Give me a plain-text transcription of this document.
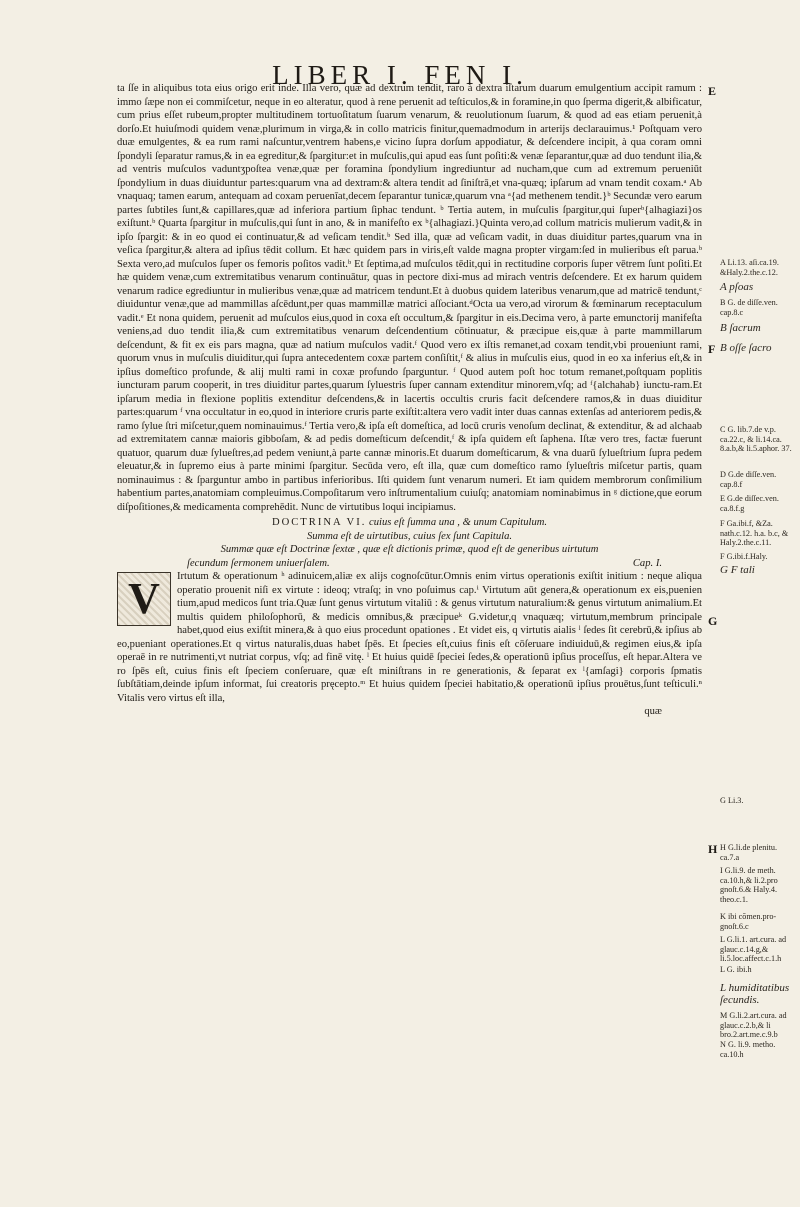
LIBER I. FEN I.

ta ſſe in aliquibus tota eius origo erit inde. Illa vero, quæ ad dextrum tendit, raro à dextra iſtarum duarum emulgentium accipit ramum : immo ſæpe non ei commiſcetur, neque in eo alteratur, quod à rene peruenit ad teſticulos,& in foramine,in quo ſperma digerit,& albificatur, cum prius eſſet rubeum,propter multitudinem tortuoſitatum ſuarum venarum, & reuolutionum ſuarum, & quod ad eas etiam peruenit,à dorſo.Et huiuſmodi quidem venæ,plurimum in virga,& in collo matricis finitur,quemadmodum in arterijs declarauimus.¹ Poſtquam vero duæ emulgentes, & ea rum rami naſcuntur,ventrem habens,e vicino ſupra dorſum appodiatur, & deſcendere incipit, à qua coram omni ſpondyli ſeparatur ramus,& in ea egreditur,& ſpargitur:et in muſculis,qui apud eas ſunt poſiti:& venæ ſeparantur,quæ ad duo tendunt ilia,& ad ventris muſculos vaduntʒpoſtea venæ,quæ per foramina ſpondylium ingrediuntur ad nucham,que cum ad extremum perueniūt ſpondylium in duas diuiduntur partes:quarum vna ad dextram:& altera tendit ad ſiniſtrā,et vna-quæq; ipſarum ad vnam tendit coxam.ᵃ Ab vnaquaq; tamen earum, antequam ad coxam peruenīat,decem ſeparantur tunicæ,quarum vna ᵃ{ad methenem tendit.}ᵇ Secundæ vero earum partes ſubtiles ſunt,& capillares,quæ ad inferiora partium ſiphac tendunt. ᵇ Tertia autem, in muſculis ſpargitur,qui ſuperᵇ{alhagiazi}os exiſtunt.ᵇ Quarta ſpargitur in muſculis,qui ſunt in ano, & in manifeſto ex ᵇ{alhagiazi.}Quinta vero,ad collum matricis mulierum vadit,& in ipſo ſpargit: & in eo quod ei continuatur,& ad veſicam tendit.ᵇ Sed illa, quæ ad veſicam vadit, in duas diuiditur partes,quarum vna in veſica ſpargitur,& altera ad ipſius tēdit collum. Et hæc quidem pars in viris,eſt valde magna propter virgam:ſed in mulieribus eſt parua.ᵇ Sexta vero,ad muſculos ſuper os femoris poſitos vadit.ᵇ Et ſeptima,ad muſculos tēdit,qui in rectitudine corporis ſuper vētrem ſunt poſiti.Et hæ quidem venæ,cum extremitatibus venarum continuātur, quas in pectore dixi-mus ad mirach ventris deſcendere. Et ex harum quidem venarum radice egrediuntur in mulieribus venæ,quæ ad matricem tendunt.Et à duobus quidem lateribus venarum,que ad matricē tendunt,ᶜ diuiduntur venæ,que ad mammillas aſcēdunt,per quas mammillæ matrici aſſociant.ᵈOcta ua vero,ad virorum & fœminarum receptaculum vadit.ᵉ Et nona quidem, peruenit ad muſculos eius,quod in coxa eſt occultum,& ſpargitur in eis.Decima vero, à parte emunctorij manifeſta veniens,ad duo tendit ilia,& cum extremitatibus venarum deſcendentium cōtinuatur, & præcipue eis,quæ à parte mammillarum deſcendunt, & fit ex eis pars magna, quæ ad natium muſculos vadit.ᶠ Quod vero ex iſtis remanet,ad coxam tendit,vbi proueniunt rami, quorum vnus in muſculis diuiditur,qui ſupra antecedentem coxæ partem conſiſtit,ᶠ & alius in muſculis eius, quod in eo xa inferius eſt,& in ipſius domeſtico profunde, & alij multi rami in coxæ profundo ſparguntur. ᶠ Quod autem poſt hoc totum remanet,poſtquam poplitis iuncturam parum cooperit, in tres diuiditur partes,quarum ſyluestris ſuper cannam extenditur minorem,vſq; ad ᶠ{alchahab} iunctu-ram.Et ipſarum media in flexione poplitis extenditur deſcendens,& in lacertis occultis cruris facit deſcendere ramos,& in duas diuiditur partes:quarum ᶠ vna occultatur in eo,quod in interiore cruris parte exiſtit:altera vero vadit inter duas cannas extenſas ad anteriorem pedis,& ramo ſylue ſtri miſcetur,quem nominauimus.ᶠ Tertia vero,& ipſa eſt domeſtica, ad locū cruris venoſum declinat, & extenditur, & ad alchaab ad extremitatem cannæ maioris gibboſam, & ad pedis domeſticum deſcendit,ᶠ & ipſa quidem eſt ſaphena. Iſtæ vero tres, factæ fuerunt quatuor, quarum duæ ſylueſtres,ad pedem veniunt,à parte cannæ minoris.Et duarum domeſticarum, & vna duarū ſylueſtrium ſupra pedem eleuatur,& in ſupremo eius à parte minimi ſpargitur. Secūda vero, eſt illa, quæ cum domeſtico ramo ſylueſtris miſcetur partis, quam nominauimus : & ſparguntur ambo in partibus inferioribus. Iſti quidem ſunt venarum numeri. Et iam quidem membrorum conſimilium habentium partes,anatomiam compleuimus.Compoſitarum vero inſtrumentalium cuiuſq; anatomiam nominabimus in ᵍ dictione,que eorum diſpoſitiones,& medicamenta comprehēdit. Nunc de virtutibus loqui incipiamus.

DOCTRINA VI. cuius eſt ſumma una , & unum Capitulum.
Summa eſt de uirtutibus, cuius ſex ſunt Capitula.
Summæ quæ eſt Doctrinæ ſextæ , quæ eſt dictionis primæ, quod eſt de generibus uirtutum
ſecundum ſermonem uniuerſalem.	Cap. I.

V	Irtutum & operationum ʰ adinuicem,aliæ ex alijs cognoſcūtur.Omnis enim virtus operationis exiſtit initium : neque aliqua operatio prouenit niſi ex virtute : ideoq; vtraſq; in vno poſuimus cap.ⁱ Virtutum aūt genera,& operationum ex eis,puenien tium,apud medicos ſunt tria.Quæ ſunt genus virtutum vitaliū : & genus virtutum naturalium:& genus virtutum animalium.Et multis quidem philoſophorū, & medicis omnibus,& præcipueᵏ G.videtur,q vnaquæq; virtutum,membrum principale habet,quod eius exiſtit minera,& à quo eius procedunt opationes . Et videt eis, q virtutis aialis ˡ ſedes ſit cerebrū,& ipſius ab eo,pueniant operationes.Et q virtus naturalis,duas habet ſpēs. Et ſpecies eſt,cuius finis eſt cōſeruare indiuiduū,& regimen eius,& ipſa operaē in re nutrimenti,vt nutriat corpus, vſq; ad finē vitę. ˡ Et huius quidē ſpeciei ſedes,& operationū ipſius proceſſus, eſt hepar.Altera ve ro ſpēs eſt, cuius finis eſt ſpeciem conſeruare, quæ eſt miniſtrans in re generationis, & ſeparat ex ˡ{amſagi} corporis ſpmatis ſubſtātiam,deinde ipſum informat, ſui creatoris pręcepto.ᵐ Et huius quidem ſpeciei habitatio,& operationū ipſius prouētus,ſunt teſticuli.ⁿ Vitalis vero virtus eſt illa,

quæ
E
F
G
H
A Li.13. aſi.ca.19. &Haly.2.the.c.12.
A pſoas
B G. de diſſe.ven. cap.8.c
B ſacrum
B oſſe ſacro
C G. lib.7.de v.p. ca.22.c, & li.14.ca. 8.a.b,& li.5.aphor. 37.
D G.de diſſe.ven. cap.8.f
E G.de diſſec.ven. ca.8.f.g
F Ga.ibi.f, &Za. nath.c.12. h.a. b.c, & Haly.2.the.c.11.
F G.ibi.f.Haly.
G F tali
G Li.3.
H G.li.de plenitu. ca.7.a
I G.li.9. de meth. ca.10.h,& li.2.pro gnoſt.6.& Haly.4. theo.c.1.
K ibi cōmen.pro- gnoſt.6.c
L G.li.1. art.cura. ad glauc.c.14.g,& li.5.loc.affect.c.1.h
L G. ibi.h
L humiditatibus ſecundis.
M G.li.2.art.cura. ad glauc.c.2.b,& li bro.2.art.me.c.9.b
N G. li.9. metho. ca.10.h
